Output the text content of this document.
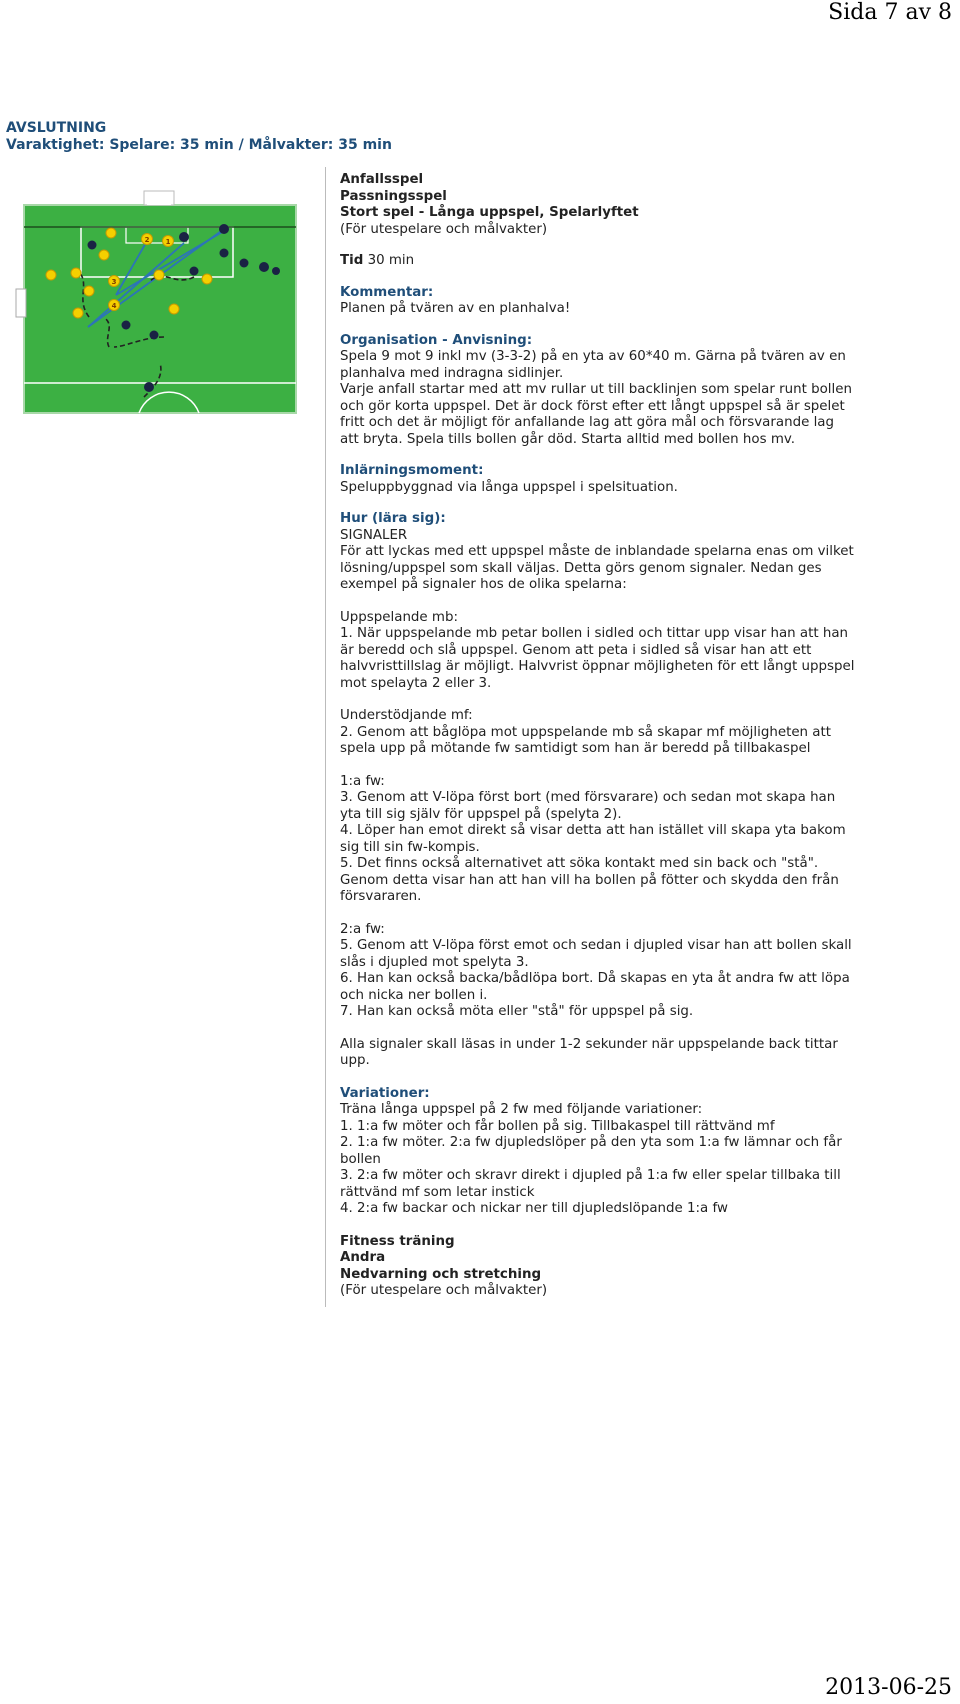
Sida 7 av 8
AVSLUTNING
Varaktighet: Spelare: 35 min / Målvakter: 35 min
2 1
3
4
Anfallsspel
Passningsspel
Stort spel - Långa uppspel, Spelarlyftet
(För utespelare och målvakter)
Tid 30 min
Kommentar:
Planen på tvären av en planhalva!
Organisation - Anvisning:
Spela 9 mot 9 inkl mv (3-3-2) på en yta av 60*40 m. Gärna på tvären av en
planhalva med indragna sidlinjer.
Varje anfall startar med att mv rullar ut till backlinjen som spelar runt bollen
och gör korta uppspel. Det är dock först efter ett långt uppspel så är spelet
fritt och det är möjligt för anfallande lag att göra mål och försvarande lag
att bryta. Spela tills bollen går död. Starta alltid med bollen hos mv.
Inlärningsmoment:
Speluppbyggnad via långa uppspel i spelsituation.
Hur (lära sig):
SIGNALER
För att lyckas med ett uppspel måste de inblandade spelarna enas om vilket
lösning/uppspel som skall väljas. Detta görs genom signaler. Nedan ges
exempel på signaler hos de olika spelarna:
Uppspelande mb:
1. När uppspelande mb petar bollen i sidled och tittar upp visar han att han
är beredd och slå uppspel. Genom att peta i sidled så visar han att ett
halvvristtillslag är möjligt. Halvvrist öppnar möjligheten för ett långt uppspel
mot spelayta 2 eller 3.
Understödjande mf:
2. Genom att båglöpa mot uppspelande mb så skapar mf möjligheten att
spela upp på mötande fw samtidigt som han är beredd på tillbakaspel
1:a fw:
3. Genom att V-löpa först bort (med försvarare) och sedan mot skapa han
yta till sig själv för uppspel på (spelyta 2).
4. Löper han emot direkt så visar detta att han istället vill skapa yta bakom
sig till sin fw-kompis.
5. Det finns också alternativet att söka kontakt med sin back och "stå".
Genom detta visar han att han vill ha bollen på fötter och skydda den från
försvararen.
2:a fw:
5. Genom att V-löpa först emot och sedan i djupled visar han att bollen skall
slås i djupled mot spelyta 3.
6. Han kan också backa/bådlöpa bort. Då skapas en yta åt andra fw att löpa
och nicka ner bollen i.
7. Han kan också möta eller "stå" för uppspel på sig.
Alla signaler skall läsas in under 1-2 sekunder när uppspelande back tittar
upp.
Variationer:
Träna långa uppspel på 2 fw med följande variationer:
1. 1:a fw möter och får bollen på sig. Tillbakaspel till rättvänd mf
2. 1:a fw möter. 2:a fw djupledslöper på den yta som 1:a fw lämnar och får
bollen
3. 2:a fw möter och skravr direkt i djupled på 1:a fw eller spelar tillbaka till
rättvänd mf som letar instick
4. 2:a fw backar och nickar ner till djupledslöpande 1:a fw
Fitness träning
Andra
Nedvarning och stretching
(För utespelare och målvakter)
2013-06-25
